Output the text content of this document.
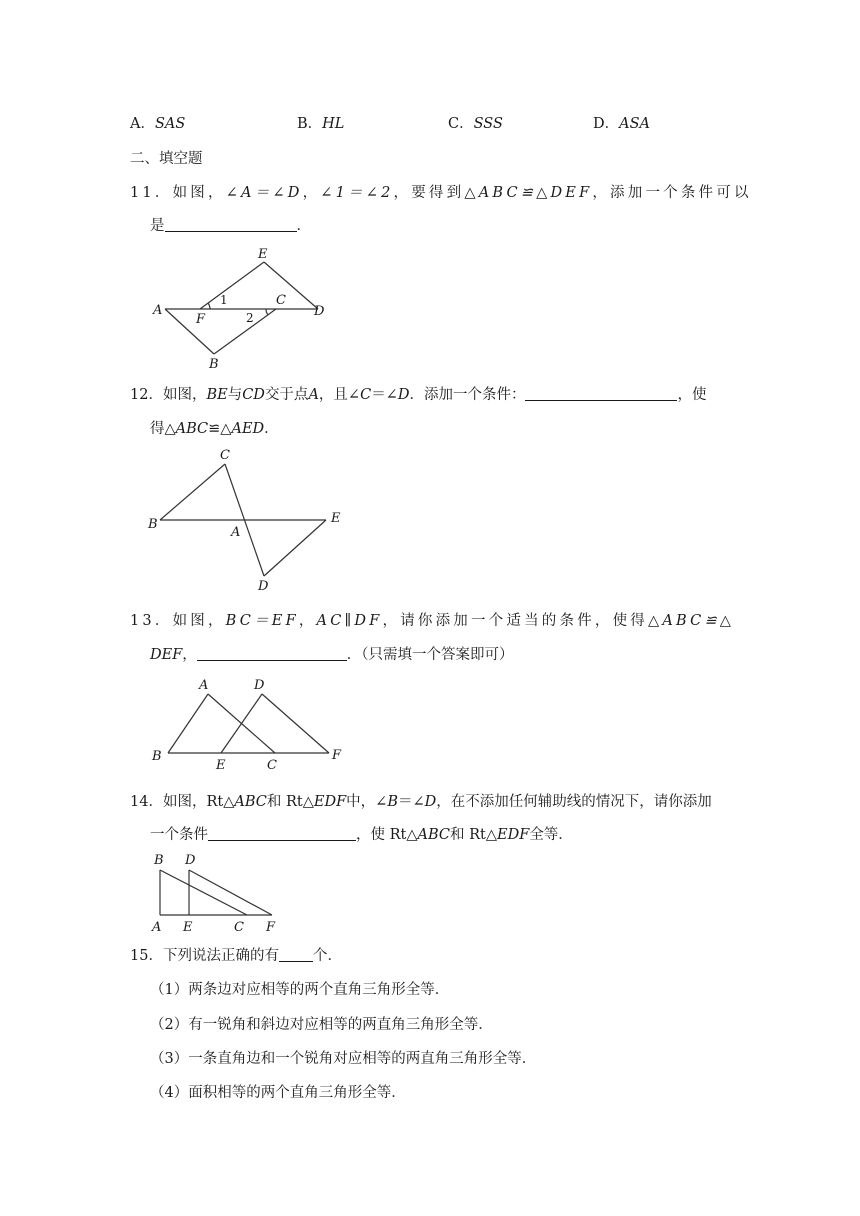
A．SAS	B．HL	C．SSS	D．ASA
二、填空题
11．如图，∠A＝∠D，∠1＝∠2，要得到△ABC≌△DEF，添加一个条件可以
是	．
E
A
F
C
D
B
1
2
12．如图，BE与CD交于点A，且∠C＝∠D．添加一个条件：	，使
得△ABC≌△AED．
C
B
A
E
D
13．如图，BC＝EF，AC∥DF，请你添加一个适当的条件，使得△ABC≌△
DEF，	．（只需填一个答案即可）
A	D
B
E	C
F
14．如图，Rt△ABC和 Rt△EDF中，∠B＝∠D，在不添加任何辅助线的情况下，请你添加
一个条件	，使 Rt△ABC和 Rt△EDF全等．
B D
A E	C F
15．下列说法正确的有 个．
（1）两条边对应相等的两个直角三角形全等．
（2）有一锐角和斜边对应相等的两直角三角形全等．
（3）一条直角边和一个锐角对应相等的两直角三角形全等．
（4）面积相等的两个直角三角形全等．
